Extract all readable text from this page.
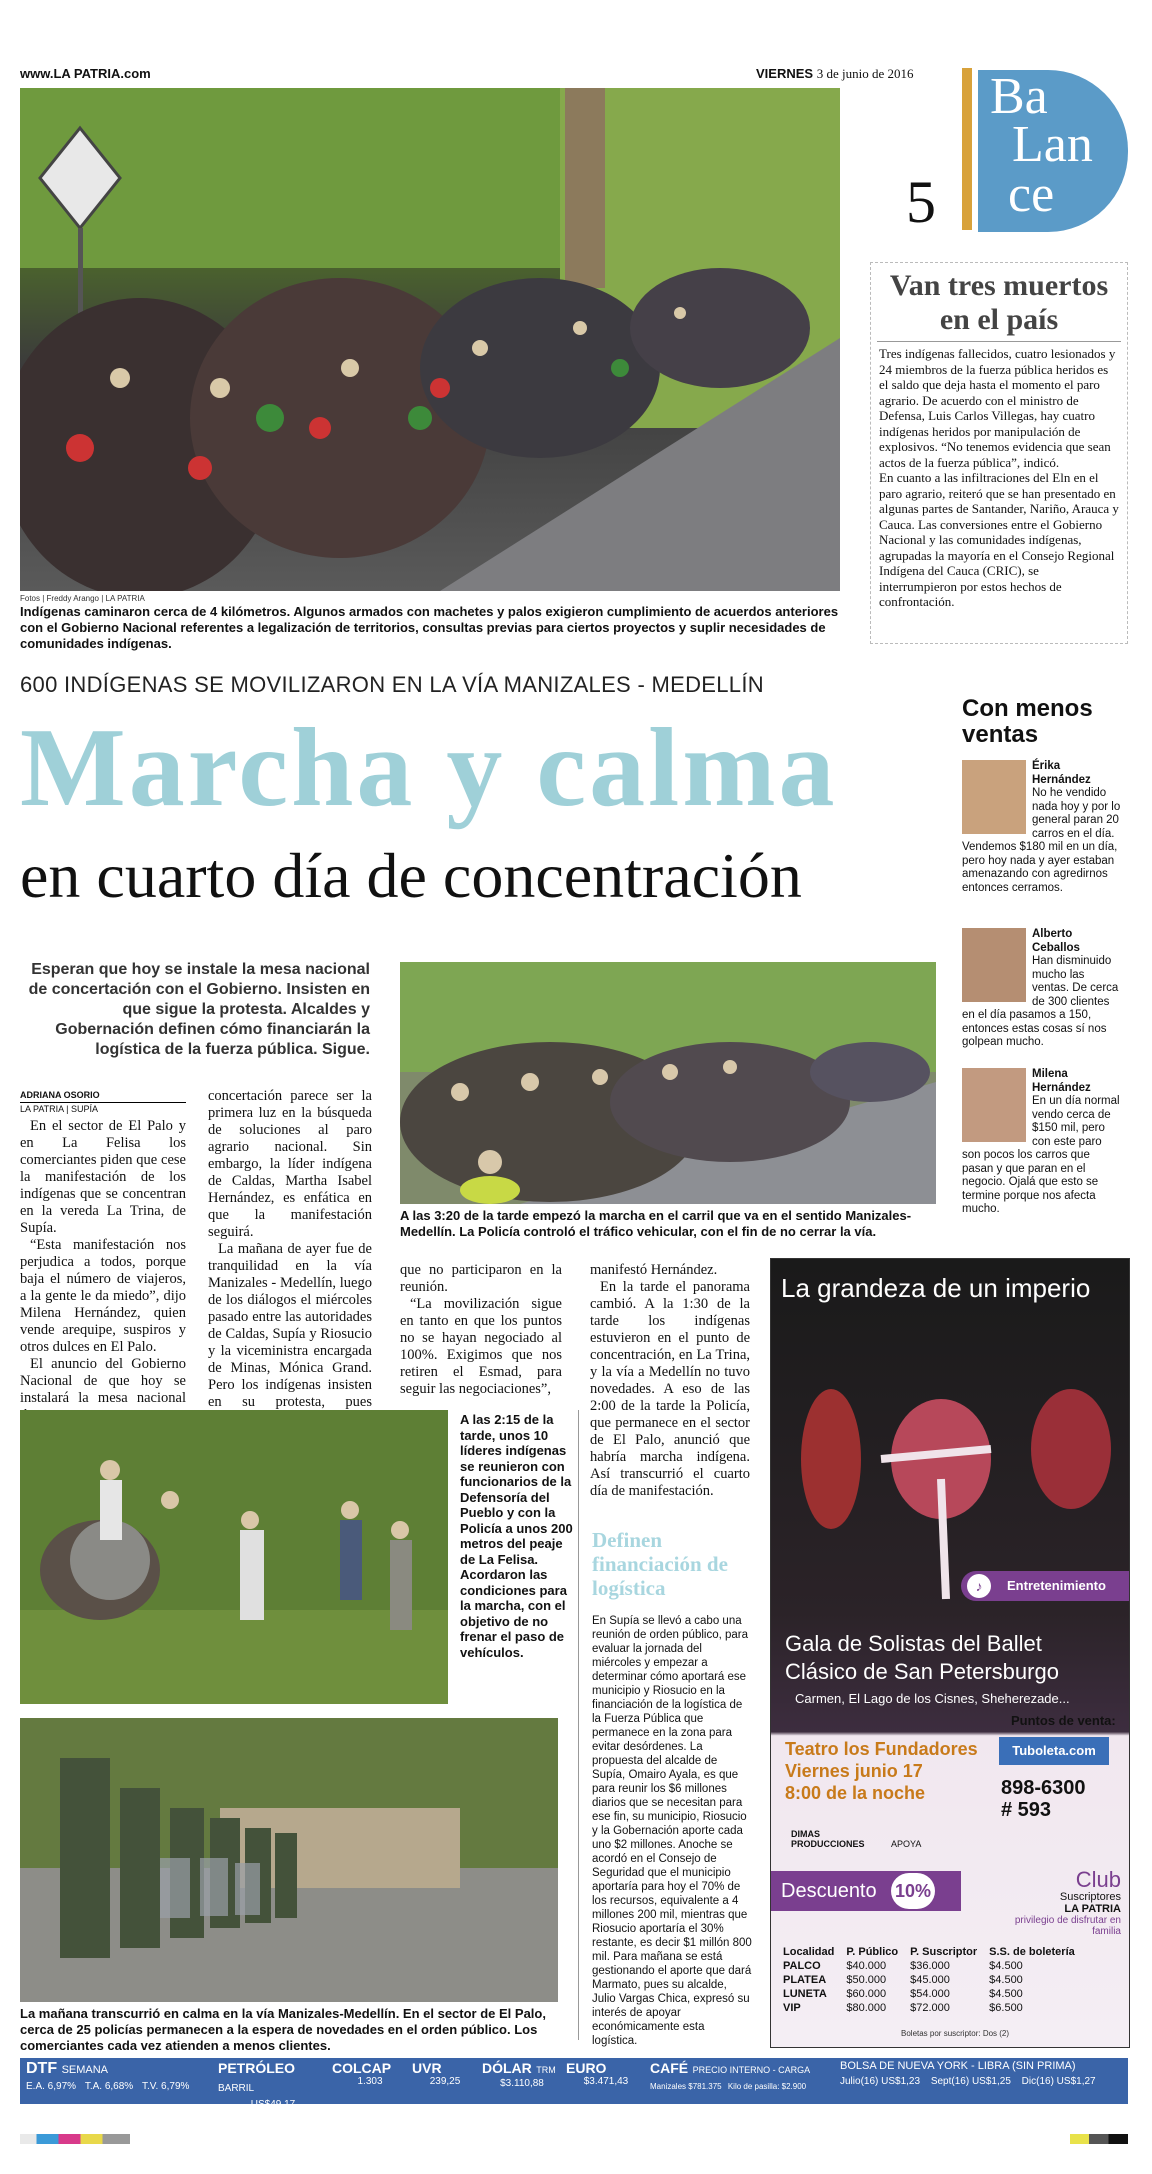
www.LA PATRIA.com	VIERNES 3 de junio de 2016
5
Ba
Lan
ce
Fotos | Freddy Arango | LA PATRIA
Indígenas caminaron cerca de 4 kilómetros. Algunos armados con machetes y palos exigieron cumplimiento de acuerdos anteriores con el Gobierno Nacional referentes a legalización de territorios, consultas previas para ciertos proyectos y suplir necesidades de comunidades indígenas.
Van tres muertos en el país
Tres indígenas fallecidos, cuatro lesionados y 24 miembros de la fuerza pública heridos es el saldo que deja hasta el momento el paro agrario. De acuerdo con el ministro de Defensa, Luis Carlos Villegas, hay cuatro indígenas heridos por manipulación de explosivos. “No tenemos evidencia que sean actos de la fuerza pública”, indicó.
En cuanto a las infiltraciones del Eln en el paro agrario, reiteró que se han presentado en algunas partes de Santander, Nariño, Arauca y Cauca. Las conversiones entre el Gobierno Nacional y las comunidades indígenas, agrupadas la mayoría en el Consejo Regional Indígena del Cauca (CRIC), se interrumpieron por estos hechos de confrontación.
600 INDÍGENAS SE MOVILIZARON EN LA VÍA MANIZALES - MEDELLÍN
Marcha y calma
en cuarto día de concentración
Esperan que hoy se instale la mesa nacional de concertación con el Gobierno. Insisten en que sigue la protesta. Alcaldes y Gobernación definen cómo financiarán la logística de la fuerza pública. Sigue.
A las 3:20 de la tarde empezó la marcha en el carril que va en el sentido Manizales-Medellín. La Policía controló el tráfico vehicular, con el fin de no cerrar la vía.
ADRIANA OSORIO
LA PATRIA | SUPÍA

En el sector de El Palo y en La Felisa los comerciantes piden que cese la manifestación de los indígenas que se concentran en la vereda La Trina, de Supía.

“Esta manifestación nos perjudica a todos, porque baja el número de viajeros, a la gente le da miedo”, dijo Milena Hernández, quien vende arequipe, suspiros y otros dulces en El Palo.

El anuncio del Gobierno Nacional de que hoy se instalará la mesa nacional

concertación parece ser la primera luz en la búsqueda de soluciones al paro agrario nacional. Sin embargo, la líder indígena de Caldas, Martha Isabel Hernández, es enfática en que la manifestación seguirá.

La mañana de ayer fue de tranquilidad en la vía Manizales - Medellín, luego de los diálogos el miércoles pasado entre las autoridades de Caldas, Supía y Riosucio y la viceministra encargada de Minas, Mónica Grand. Pero los indígenas insisten en su protesta, pues

que no participaron en la reunión.

“La movilización sigue en tanto en que los puntos no se hayan negociado al 100%. Exigimos que nos retiren el Esmad, para seguir las negociaciones”,

manifestó Hernández.

En la tarde el panorama cambió. A la 1:30 de la tarde los indígenas estuvieron en el punto de concentración, en La Trina, y la vía a Medellín no tuvo novedades. A eso de las 2:00 de la tarde la Policía, que permanece en el sector de El Palo, anunció que habría marcha indígena. Así transcurrió el cuarto día de manifestación.

A las 2:15 de la tarde, unos 10 líderes indígenas se reunieron con funcionarios de la Defensoría del Pueblo y con la Policía a unos 200 metros del peaje de La Felisa. Acordaron las condiciones para la marcha, con el objetivo de no frenar el paso de vehículos.
La mañana transcurrió en calma en la vía Manizales-Medellín. En el sector de El Palo, cerca de 25 policías permanecen a la espera de novedades en el orden público. Los comerciantes cada vez atienden a menos clientes.
Definen financiación de logística
En Supía se llevó a cabo una reunión de orden público, para evaluar la jornada del miércoles y empezar a determinar cómo aportará ese municipio y Riosucio en la financiación de la logística de la Fuerza Pública que permanece en la zona para evitar desórdenes. La propuesta del alcalde de Supía, Omairo Ayala, es que para reunir los $6 millones diarios que se necesitan para ese fin, su municipio, Riosucio y la Gobernación aporte cada uno $2 millones. Anoche se acordó en el Consejo de Seguridad que el municipio aportaría para hoy el 70% de los recursos, equivalente a 4 millones 200 mil, mientras que Riosucio aportaría el 30% restante, es decir $1 millón 800 mil. Para mañana se está gestionando el aporte que dará Marmato, pues su alcalde, Julio Vargas Chica, expresó su interés de apoyar económicamente esta logística.
Con menos ventas
Érika Hernández
No he vendido nada hoy y por lo general paran 20 carros en el día. Vendemos $180 mil en un día, pero hoy nada y ayer estaban amenazando con agredirnos entonces cerramos.
Alberto Ceballos
Han disminuido mucho las ventas. De cerca de 300 clientes en el día pasamos a 150, entonces estas cosas sí nos golpean mucho.
Milena Hernández
En un día normal vendo cerca de $150 mil, pero con este paro son pocos los carros que pasan y que paran en el negocio. Ojalá que esto se termine porque nos afecta mucho.
La grandeza de un imperio
♪	Entretenimiento
Gala de Solistas del Ballet
Clásico de San Petersburgo
Carmen, El Lago de los Cisnes, Sheherezade...
Puntos de venta:
Teatro los Fundadores
Viernes junio 17
8:00 de la noche
Tuboleta.com
898-6300
# 593
DIMAS PRODUCCIONES	APOYA
Descuento 10%	Club
Suscriptores
LA PATRIA
privilegio de disfrutar en familia
Localidad	P. Público	P. Suscriptor	S.S. de boletería
PALCO	$40.000	$36.000	$4.500
PLATEA	$50.000	$45.000	$4.500
LUNETA	$60.000	$54.000	$4.500
VIP	$80.000	$72.000	$6.500
Boletas por suscriptor: Dos (2)
DTF SEMANA
E.A. 6,97% T.A. 6,68% T.V. 6,79%
PETRÓLEO BARRIL
US$49,17
COLCAP
1.303
UVR
239,25
DÓLAR TRM
$3.110,88
EURO
$3.471,43
CAFÉ PRECIO INTERNO - CARGA
Manizales $781.375 Kilo de pasilla: $2.900
BOLSA DE NUEVA YORK - LIBRA (SIN PRIMA)
Julio(16) US$1,23 Sept(16) US$1,25 Dic(16) US$1,27
